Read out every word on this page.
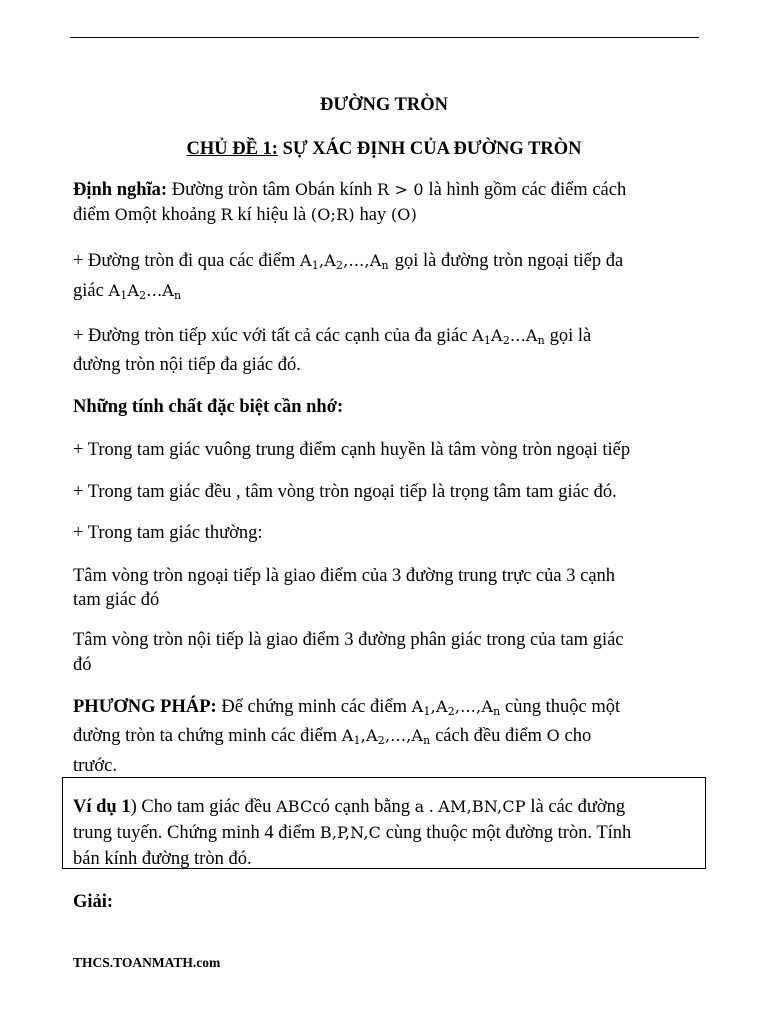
ĐƯỜNG TRÒN
CHỦ ĐỀ 1: SỰ XÁC ĐỊNH CỦA ĐƯỜNG TRÒN
Định nghĩa: Đường tròn tâm Obán kính R > 0 là hình gồm các điểm cách
điểm Omột khoảng R kí hiệu là (O;R) hay (O)
+ Đường tròn đi qua các điểm $A_1,A_2,...,A_n$ gọi là đường tròn ngoại tiếp đa
giác $A_1A_2...A_n$
+ Đường tròn tiếp xúc với tất cả các cạnh của đa giác $A_1A_2...A_n$ gọi là
đường tròn nội tiếp đa giác đó.
Những tính chất đặc biệt cần nhớ:
+ Trong tam giác vuông trung điểm cạnh huyền là tâm vòng tròn ngoại tiếp
+ Trong tam giác đều , tâm vòng tròn ngoại tiếp là trọng tâm tam giác đó.
+ Trong tam giác thường:
Tâm vòng tròn ngoại tiếp là giao điểm của 3 đường trung trực của 3 cạnh
tam giác đó
Tâm vòng tròn nội tiếp là giao điểm 3 đường phân giác trong của tam giác
đó
PHƯƠNG PHÁP: Để chứng minh các điểm $A_1,A_2,...,A_n$ cùng thuộc một
đường tròn ta chứng minh các điểm $A_1,A_2,...,A_n$ cách đều điểm O cho
trước.
Ví dụ 1) Cho tam giác đều ABCcó cạnh bằng a . AM,BN,CP là các đường
trung tuyến. Chứng minh 4 điểm B,P,N,C cùng thuộc một đường tròn. Tính
bán kính đường tròn đó.
Giải:
THCS.TOANMATH.com
